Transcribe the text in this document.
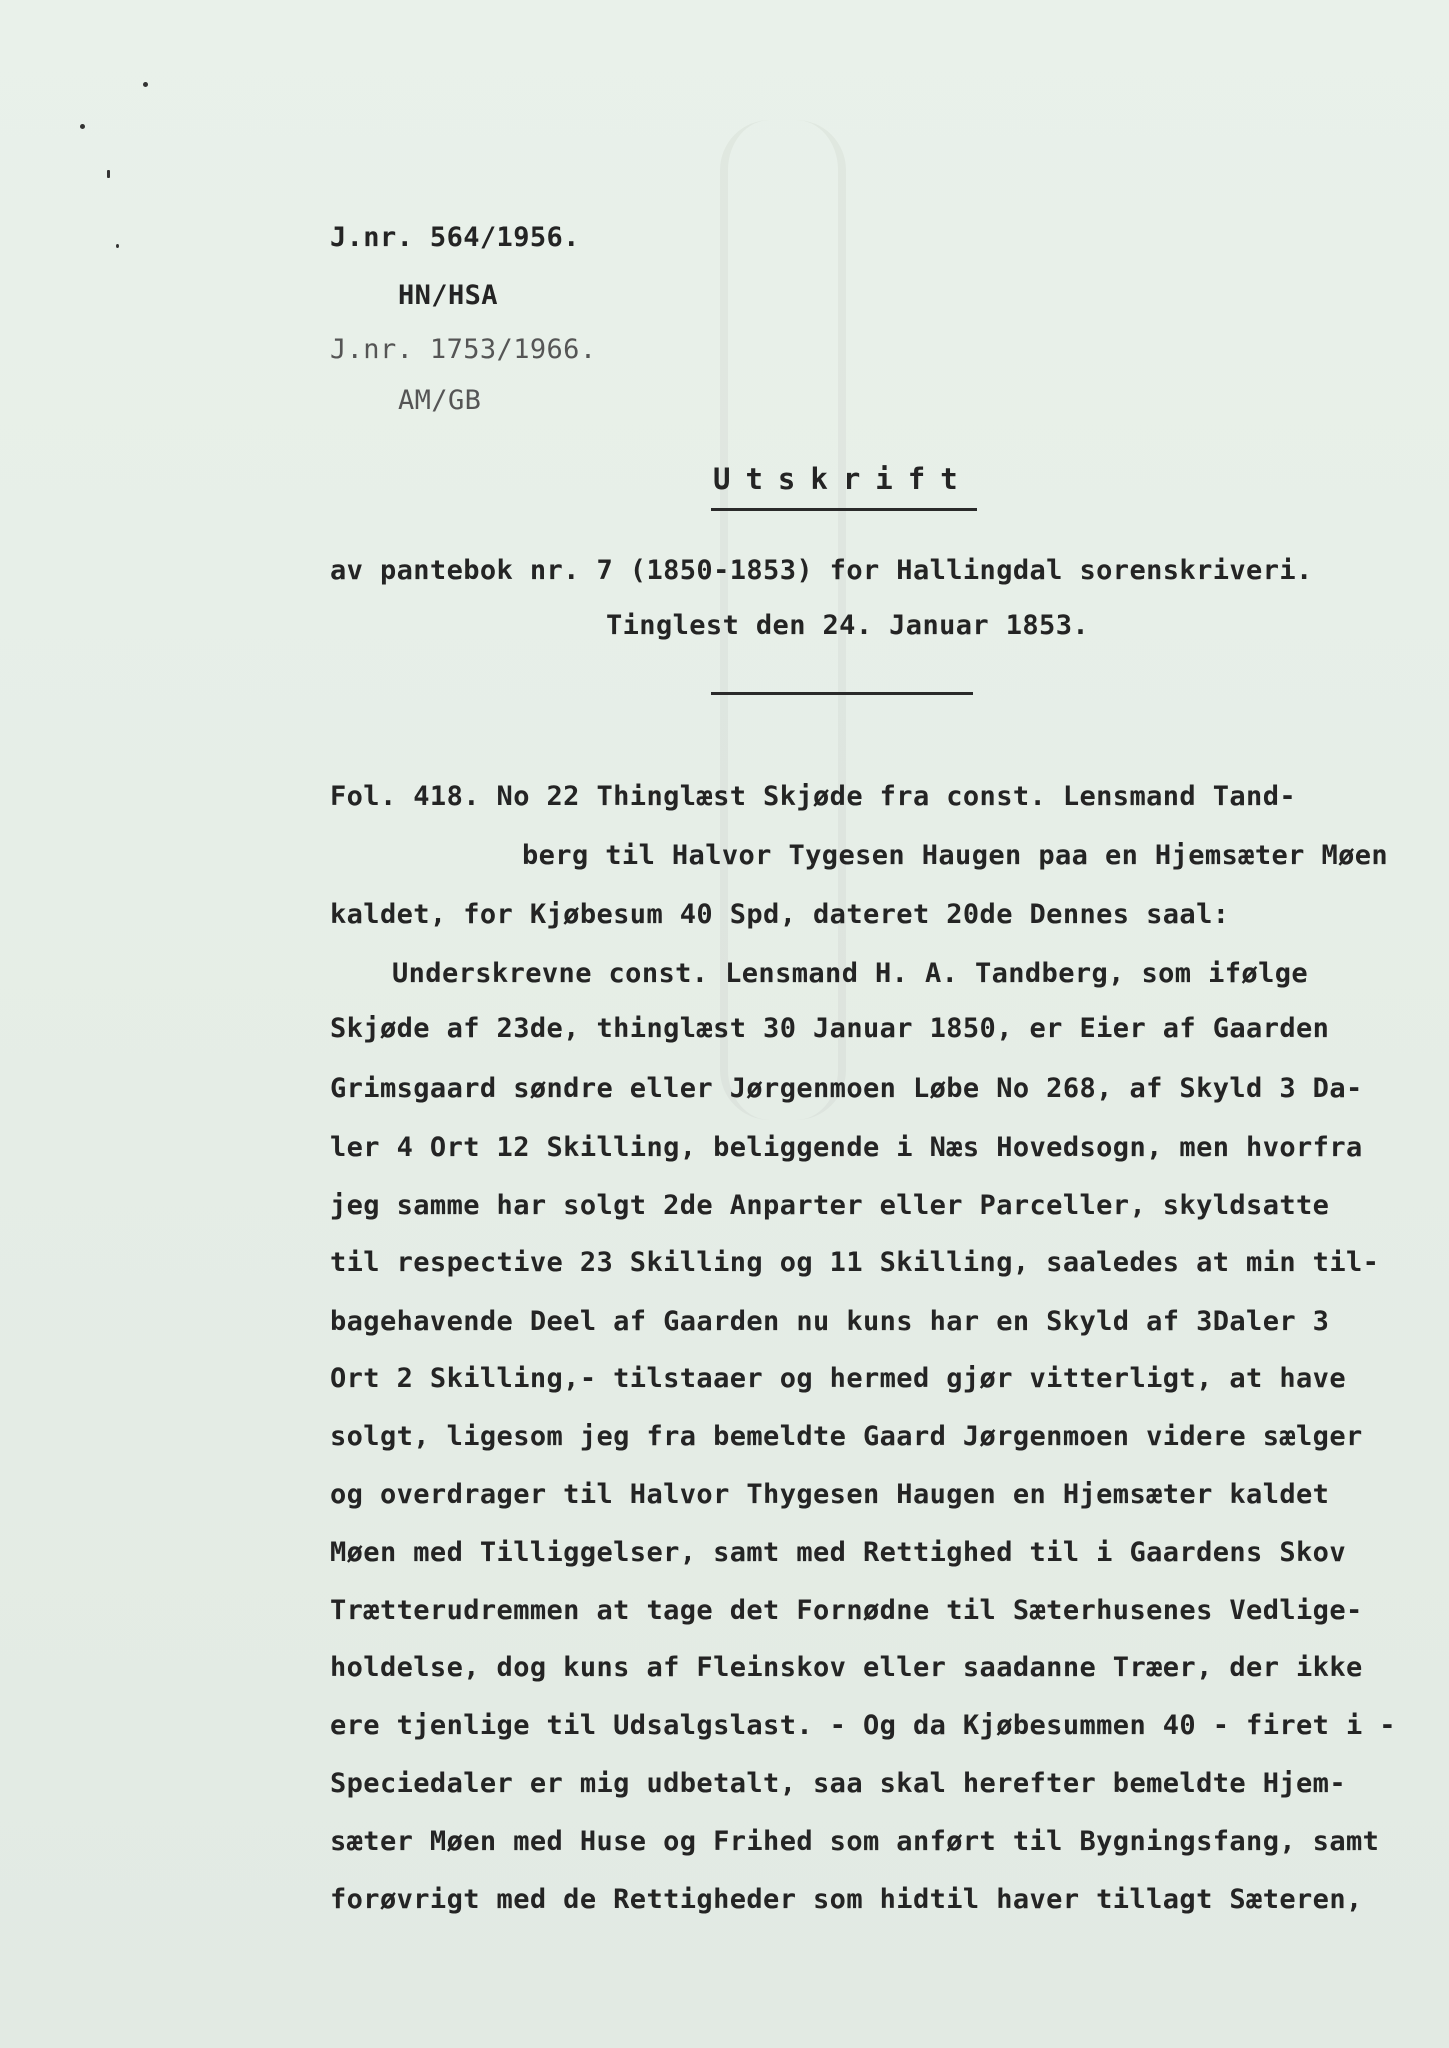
J.nr. 564/1956.
HN/HSA
J.nr. 1753/1966.
AM/GB
Utskrift
av pantebok nr. 7 (1850-1853) for Hallingdal sorenskriveri.
Tinglest den 24. Januar 1853.
Fol. 418. No 22 Thinglæst Skjøde fra const. Lensmand Tand-
berg til Halvor Tygesen Haugen paa en Hjemsæter Møen
kaldet, for Kjøbesum 40 Spd, dateret 20de Dennes saal:
Underskrevne const. Lensmand H. A. Tandberg, som ifølge
Skjøde af 23de, thinglæst 30 Januar 1850, er Eier af Gaarden
Grimsgaard søndre eller Jørgenmoen Løbe No 268, af Skyld 3 Da-
ler 4 Ort 12 Skilling, beliggende i Næs Hovedsogn, men hvorfra
jeg samme har solgt 2de Anparter eller Parceller, skyldsatte
til respective 23 Skilling og 11 Skilling, saaledes at min til-
bagehavende Deel af Gaarden nu kuns har en Skyld af 3Daler 3
Ort 2 Skilling,- tilstaaer og hermed gjør vitterligt, at have
solgt, ligesom jeg fra bemeldte Gaard Jørgenmoen videre sælger
og overdrager til Halvor Thygesen Haugen en Hjemsæter kaldet
Møen med Tilliggelser, samt med Rettighed til i Gaardens Skov
Trætterudremmen at tage det Fornødne til Sæterhusenes Vedlige-
holdelse, dog kuns af Fleinskov eller saadanne Træer, der ikke
ere tjenlige til Udsalgslast. - Og da Kjøbesummen 40 - firet i -
Speciedaler er mig udbetalt, saa skal herefter bemeldte Hjem-
sæter Møen med Huse og Frihed som anført til Bygningsfang, samt
forøvrigt med de Rettigheder som hidtil haver tillagt Sæteren,
